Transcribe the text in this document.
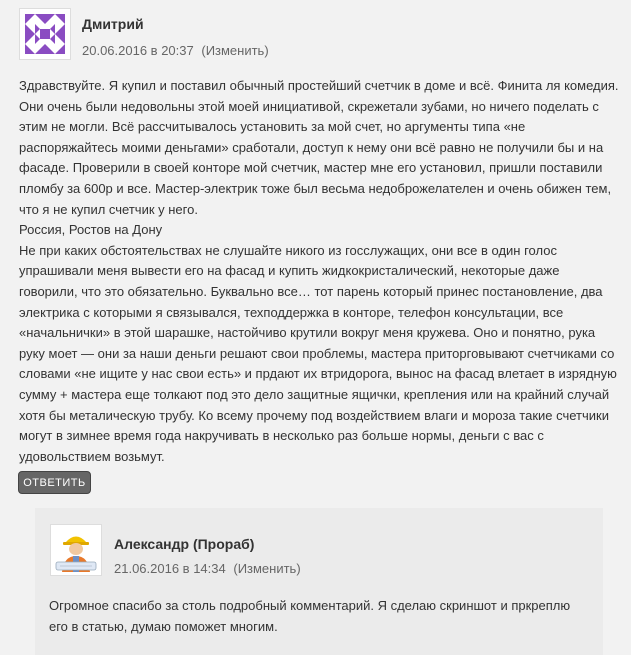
Дмитрий
20.06.2016 в 20:37 (Изменить)

Здравствуйте. Я купил и поставил обычный простейший счетчик в доме и всё. Финита ля комедия. Они очень были недовольны этой моей инициативой, скрежетали зубами, но ничего поделать с этим не могли. Всё рассчитывалось установить за мой счет, но аргументы типа «не распоряжайтесь моими деньгами» сработали, доступ к нему они всё равно не получили бы и на фасаде. Проверили в своей конторе мой счетчик, мастер мне его установил, пришли поставили пломбу за 600р и все. Мастер-электрик тоже был весьма недоброжелателен и очень обижен тем, что я не купил счетчик у него.

Россия, Ростов на Дону

Не при каких обстоятельствах не слушайте никого из госслужащих, они все в один голос упрашивали меня вывести его на фасад и купить жидкокристалический, некоторые даже говорили, что это обязательно. Буквально все… тот парень который принес постановление, два электрика с которыми я связывался, техподдержка в конторе, телефон консультации, все «начальнички» в этой шарашке, настойчиво крутили вокруг меня кружева. Оно и понятно, рука руку моет — они за наши деньги решают свои проблемы, мастера приторговывают счетчиками со словами «не ищите у нас свои есть» и прдают их втридорога, вынос на фасад влетает в изрядную сумму + мастера еще толкают под это дело защитные ящички, крепления или на крайний случай хотя бы металическую трубу. Ко всему прочему под воздействием влаги и мороза такие счетчики могут в зимнее время года накручивать в несколько раз больше нормы, деньги с вас с удовольствием возьмут.

ОТВЕТИТЬ
Александр (Прораб)
21.06.2016 в 14:34 (Изменить)
Огромное спасибо за столь подробный комментарий. Я сделаю скриншот и пркреплю его в статью, думаю поможет многим.
